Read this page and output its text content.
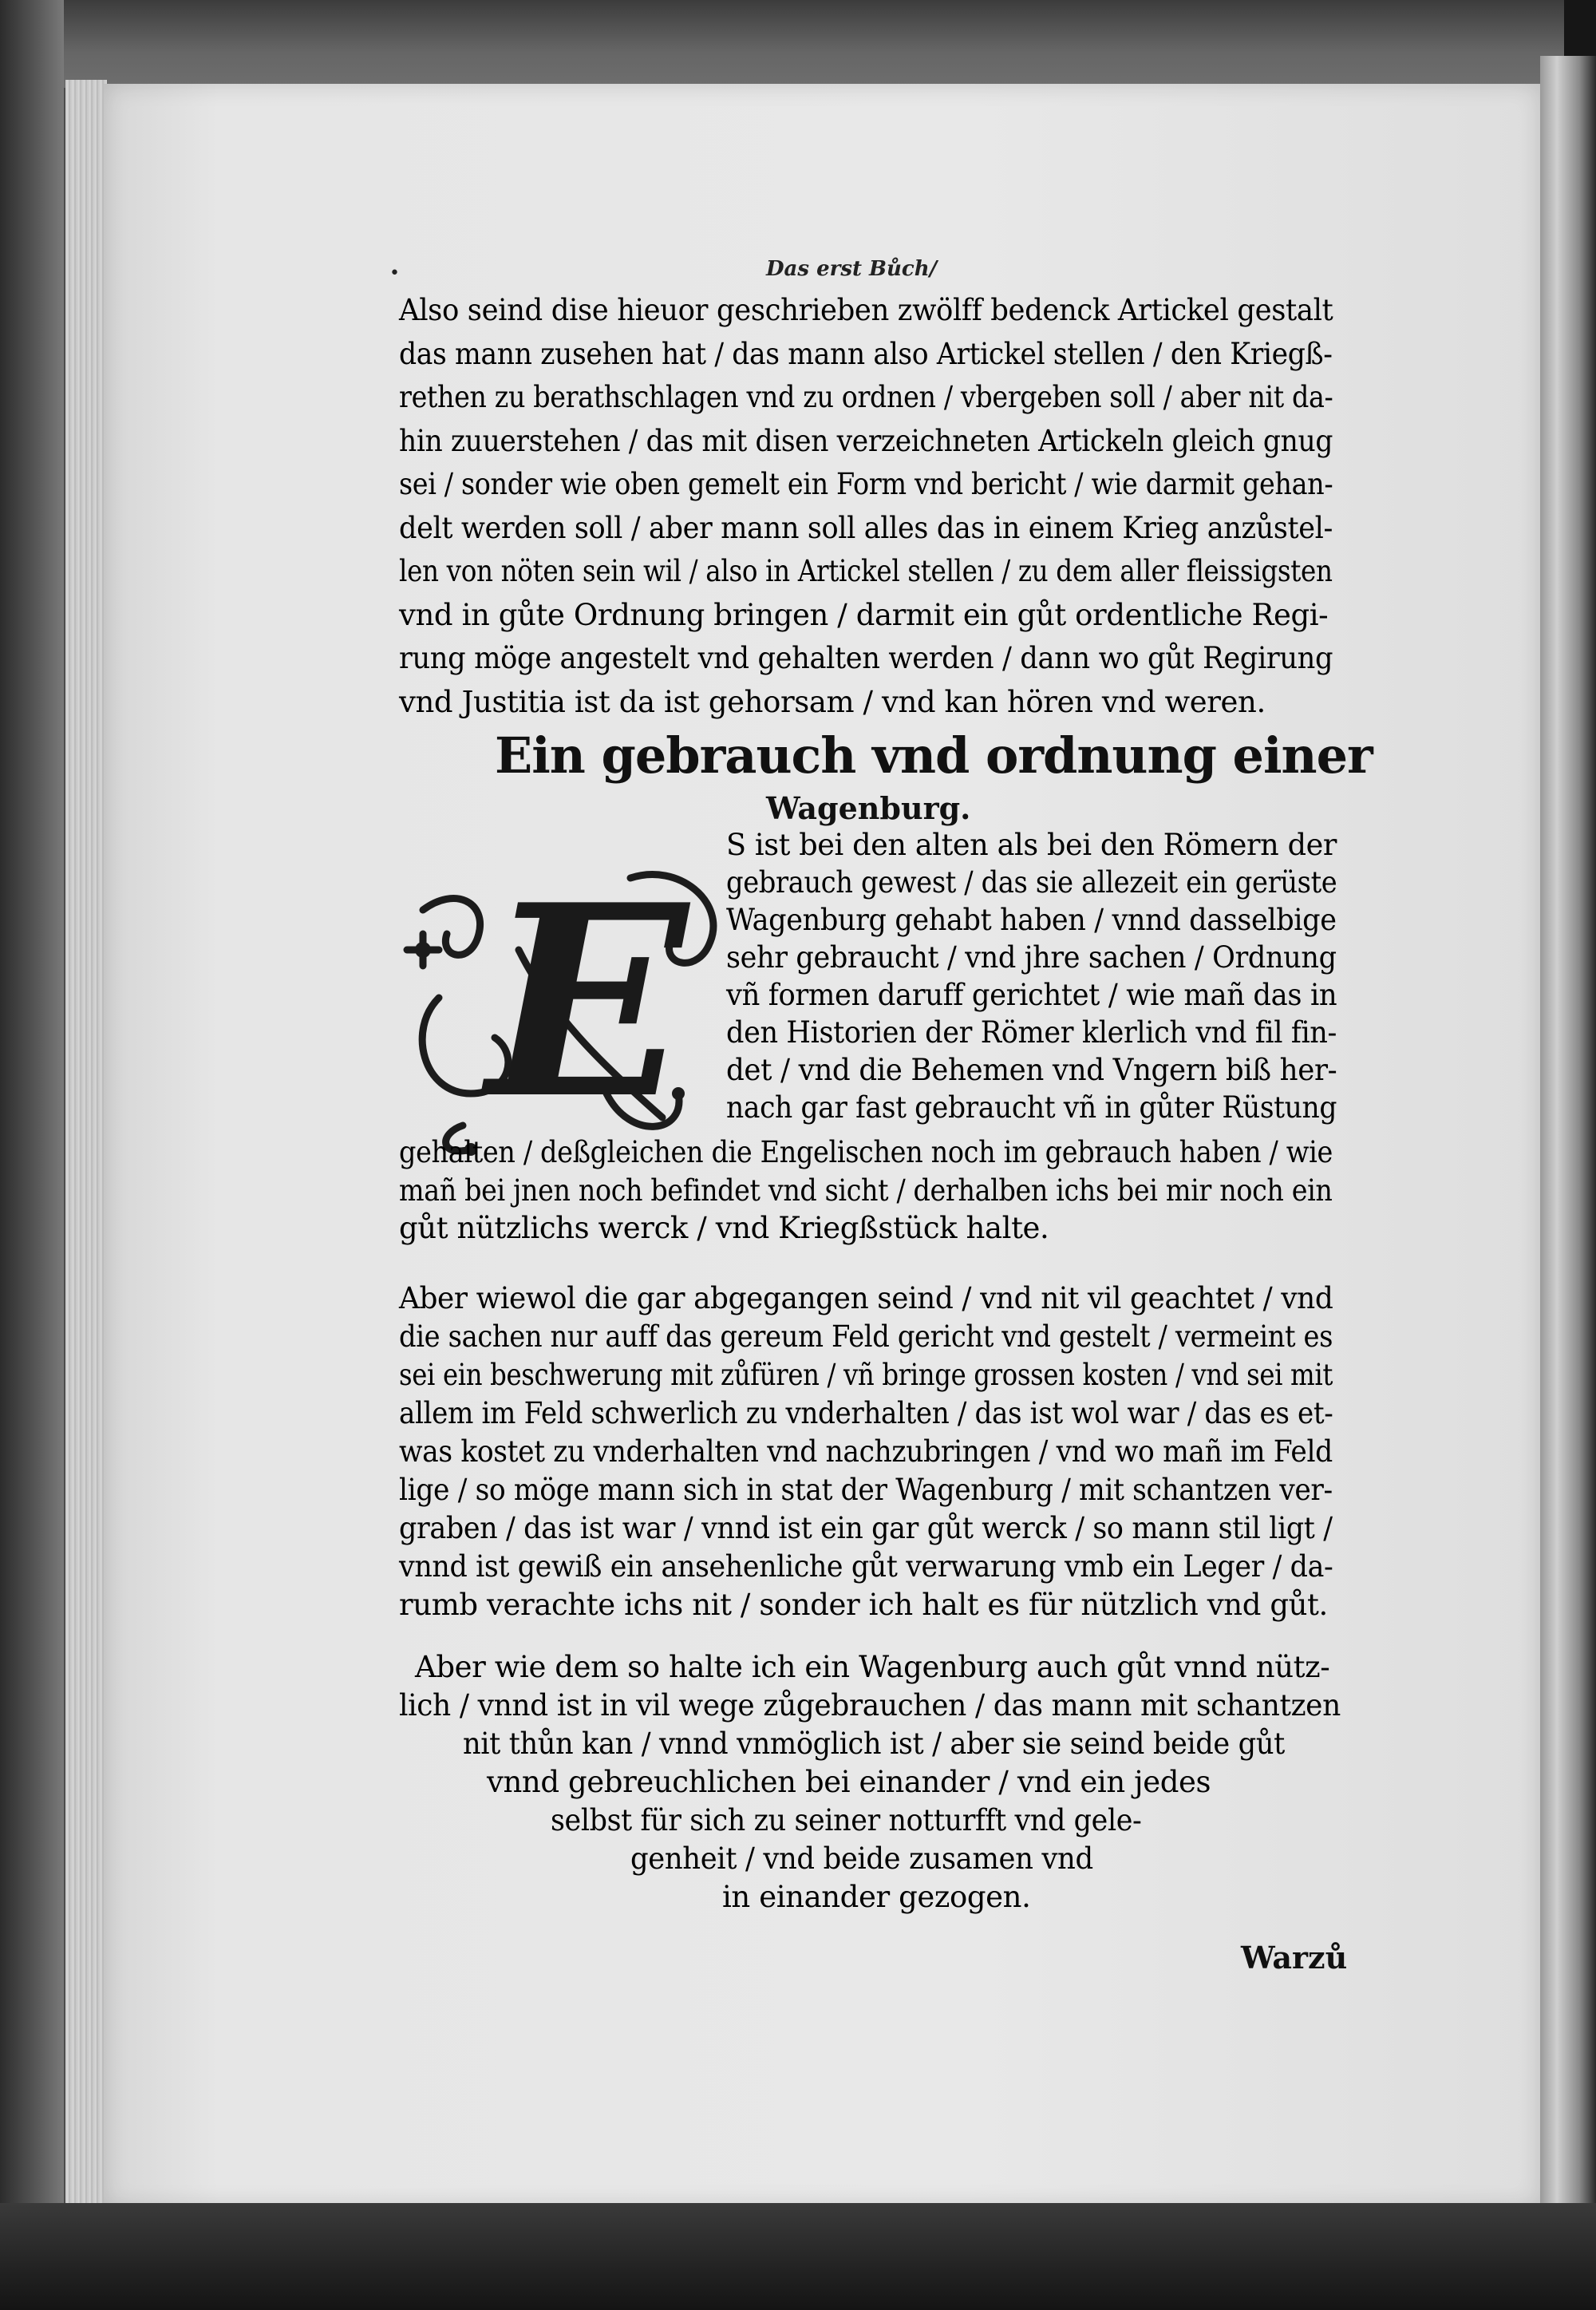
•	Das erst Bůch/
Ein gebrauch vnd ordnung einer
Wagenburg.
E
Warzů
Also seind dise hieuor geschrieben zwölff bedenck Artickel gestalt
das mann zusehen hat / das mann also Artickel stellen / den Kriegß-
rethen zu berathschlagen vnd zu ordnen / vbergeben soll / aber nit da-
hin zuuerstehen / das mit disen verzeichneten Artickeln gleich gnug
sei / sonder wie oben gemelt ein Form vnd bericht / wie darmit gehan-
delt werden soll / aber mann soll alles das in einem Krieg anzůstel-
len von nöten sein wil / also in Artickel stellen / zu dem aller fleissigsten
vnd in gůte Ordnung bringen / darmit ein gůt ordentliche Regi-
rung möge angestelt vnd gehalten werden / dann wo gůt Regirung
vnd Justitia ist da ist gehorsam / vnd kan hören vnd weren.
S ist bei den alten als bei den Römern der
gebrauch gewest / das sie allezeit ein gerüste
Wagenburg gehabt haben / vnnd dasselbige
sehr gebraucht / vnd jhre sachen / Ordnung
vñ formen daruff gerichtet / wie mañ das in
den Historien der Römer klerlich vnd fil fin-
det / vnd die Behemen vnd Vngern biß her-
nach gar fast gebraucht vñ in gůter Rüstung
gehalten / deßgleichen die Engelischen noch im gebrauch haben / wie
mañ bei jnen noch befindet vnd sicht / derhalben ichs bei mir noch ein
gůt nützlichs werck / vnd Kriegßstück halte.
Aber wiewol die gar abgegangen seind / vnd nit vil geachtet / vnd
die sachen nur auff das gereum Feld gericht vnd gestelt / vermeint es
sei ein beschwerung mit zůfüren / vñ bringe grossen kosten / vnd sei mit
allem im Feld schwerlich zu vnderhalten / das ist wol war / das es et-
was kostet zu vnderhalten vnd nachzubringen / vnd wo mañ im Feld
lige / so möge mann sich in stat der Wagenburg / mit schantzen ver-
graben / das ist war / vnnd ist ein gar gůt werck / so mann stil ligt /
vnnd ist gewiß ein ansehenliche gůt verwarung vmb ein Leger / da-
rumb verachte ichs nit / sonder ich halt es für nützlich vnd gůt.
Aber wie dem so halte ich ein Wagenburg auch gůt vnnd nütz-
lich / vnnd ist in vil wege zůgebrauchen / das mann mit schantzen
nit thůn kan / vnnd vnmöglich ist / aber sie seind beide gůt
vnnd gebreuchlichen bei einander / vnd ein jedes
selbst für sich zu seiner notturfft vnd gele-
genheit / vnd beide zusamen vnd
in einander gezogen.
